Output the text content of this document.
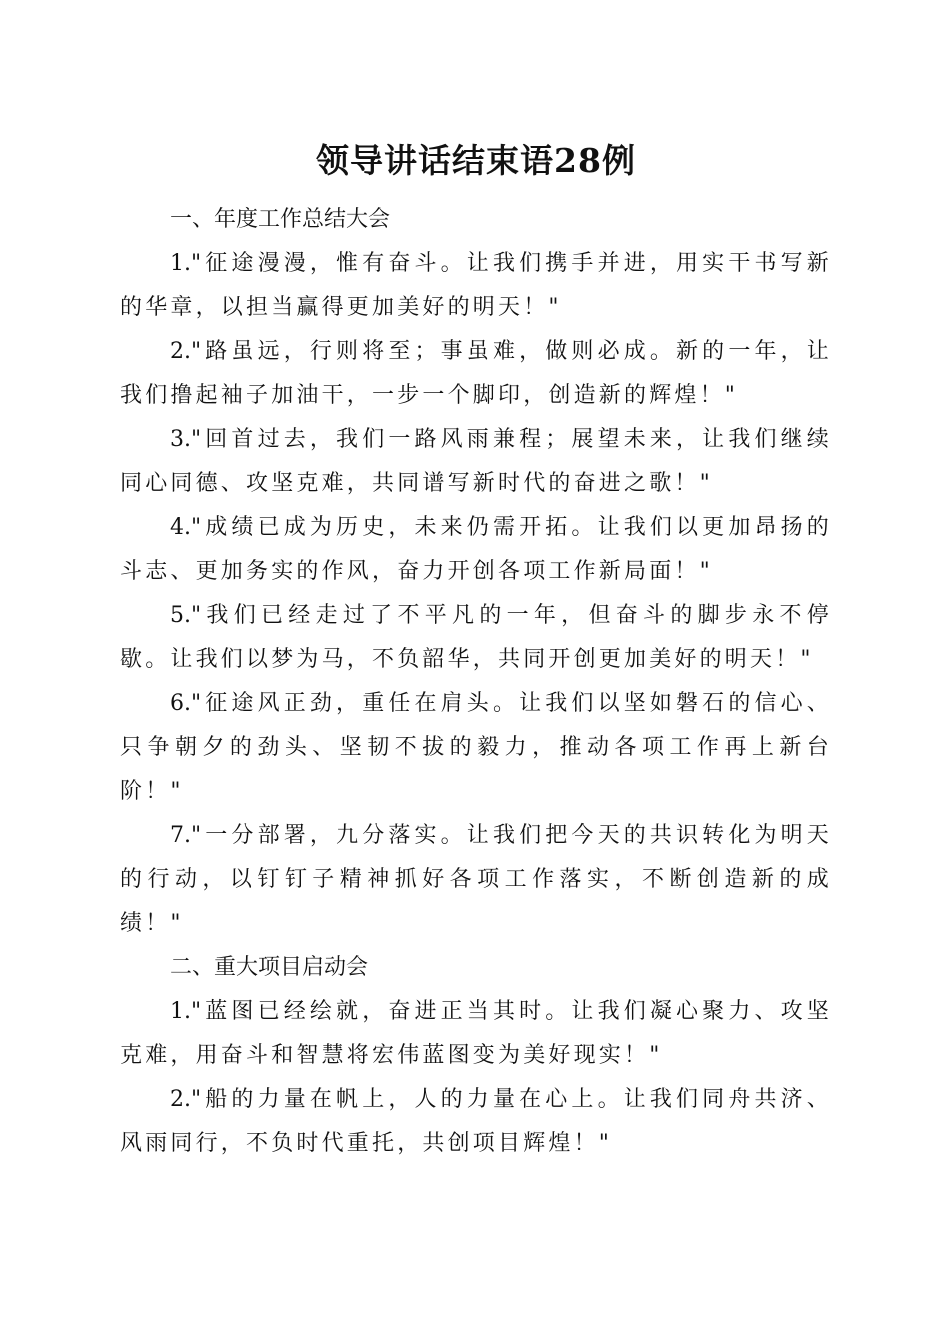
领导讲话结束语28例

一、年度工作总结大会

1."征途漫漫，惟有奋斗。让我们携手并进，用实干书写新的华章，以担当赢得更加美好的明天！"

2."路虽远，行则将至；事虽难，做则必成。新的一年，让我们撸起袖子加油干，一步一个脚印，创造新的辉煌！"

3."回首过去，我们一路风雨兼程；展望未来，让我们继续同心同德、攻坚克难，共同谱写新时代的奋进之歌！"

4."成绩已成为历史，未来仍需开拓。让我们以更加昂扬的斗志、更加务实的作风，奋力开创各项工作新局面！"

5."我们已经走过了不平凡的一年，但奋斗的脚步永不停歇。让我们以梦为马，不负韶华，共同开创更加美好的明天！"

6."征途风正劲，重任在肩头。让我们以坚如磐石的信心、只争朝夕的劲头、坚韧不拔的毅力，推动各项工作再上新台阶！"

7."一分部署，九分落实。让我们把今天的共识转化为明天的行动，以钉钉子精神抓好各项工作落实，不断创造新的成绩！"

二、重大项目启动会

1."蓝图已经绘就，奋进正当其时。让我们凝心聚力、攻坚克难，用奋斗和智慧将宏伟蓝图变为美好现实！"

2."船的力量在帆上，人的力量在心上。让我们同舟共济、风雨同行，不负时代重托，共创项目辉煌！"
